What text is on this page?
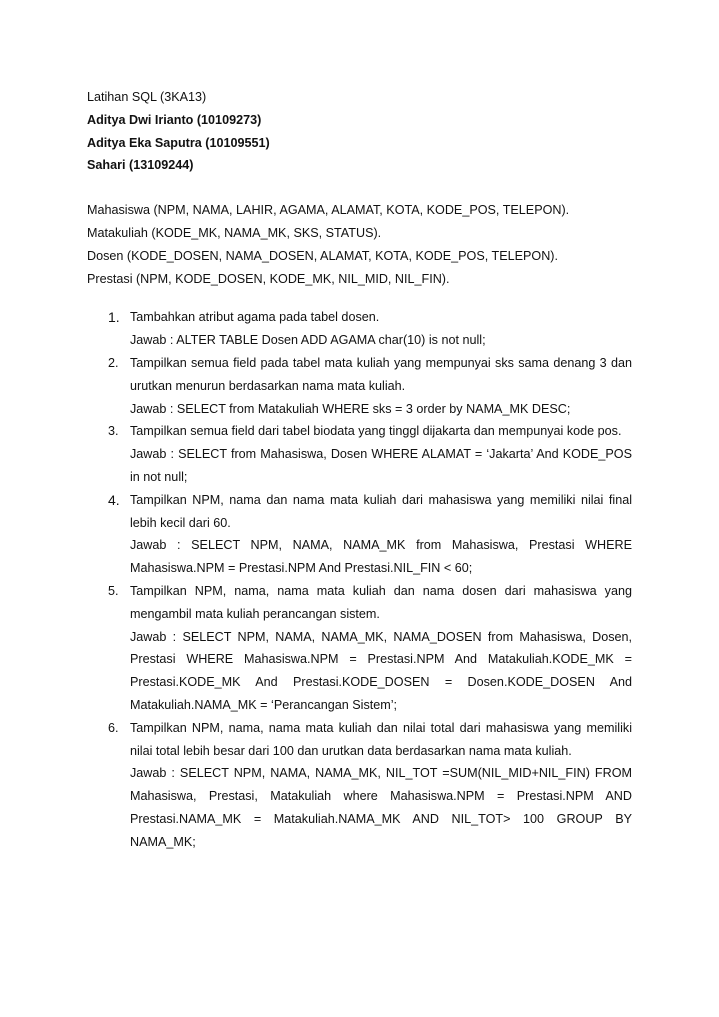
Latihan SQL (3KA13)

Aditya Dwi Irianto (10109273)

Aditya Eka Saputra (10109551)

Sahari (13109244)

Mahasiswa (NPM, NAMA, LAHIR, AGAMA, ALAMAT, KOTA, KODE_POS, TELEPON).

Matakuliah (KODE_MK, NAMA_MK, SKS, STATUS).

Dosen (KODE_DOSEN, NAMA_DOSEN, ALAMAT, KOTA, KODE_POS, TELEPON).

Prestasi (NPM, KODE_DOSEN, KODE_MK, NIL_MID, NIL_FIN).

1. Tambahkan atribut agama pada tabel dosen.

Jawab : ALTER TABLE Dosen ADD AGAMA char(10) is not null;

2. Tampilkan semua field pada tabel mata kuliah yang mempunyai sks sama denang 3 dan urutkan menurun berdasarkan nama mata kuliah.

Jawab : SELECT from Matakuliah WHERE sks = 3 order by NAMA_MK DESC;

3. Tampilkan semua field dari tabel biodata yang tinggl dijakarta dan mempunyai kode pos.

Jawab : SELECT from Mahasiswa, Dosen WHERE ALAMAT = ‘Jakarta’ And KODE_POS in not null;

4. Tampilkan NPM, nama dan nama mata kuliah dari mahasiswa yang memiliki nilai final lebih kecil dari 60.

Jawab : SELECT NPM, NAMA, NAMA_MK from Mahasiswa, Prestasi WHERE Mahasiswa.NPM = Prestasi.NPM And Prestasi.NIL_FIN < 60;

5. Tampilkan NPM, nama, nama mata kuliah dan nama dosen dari mahasiswa yang mengambil mata kuliah perancangan sistem.

Jawab : SELECT NPM, NAMA, NAMA_MK, NAMA_DOSEN from Mahasiswa, Dosen, Prestasi WHERE Mahasiswa.NPM = Prestasi.NPM And Matakuliah.KODE_MK = Prestasi.KODE_MK And Prestasi.KODE_DOSEN = Dosen.KODE_DOSEN And Matakuliah.NAMA_MK = ‘Perancangan Sistem’;

6. Tampilkan NPM, nama, nama mata kuliah dan nilai total dari mahasiswa yang memiliki nilai total lebih besar dari 100 dan urutkan data berdasarkan nama mata kuliah.

Jawab : SELECT NPM, NAMA, NAMA_MK, NIL_TOT =SUM(NIL_MID+NIL_FIN) FROM Mahasiswa, Prestasi, Matakuliah where Mahasiswa.NPM = Prestasi.NPM AND Prestasi.NAMA_MK = Matakuliah.NAMA_MK AND NIL_TOT> 100 GROUP BY NAMA_MK;
